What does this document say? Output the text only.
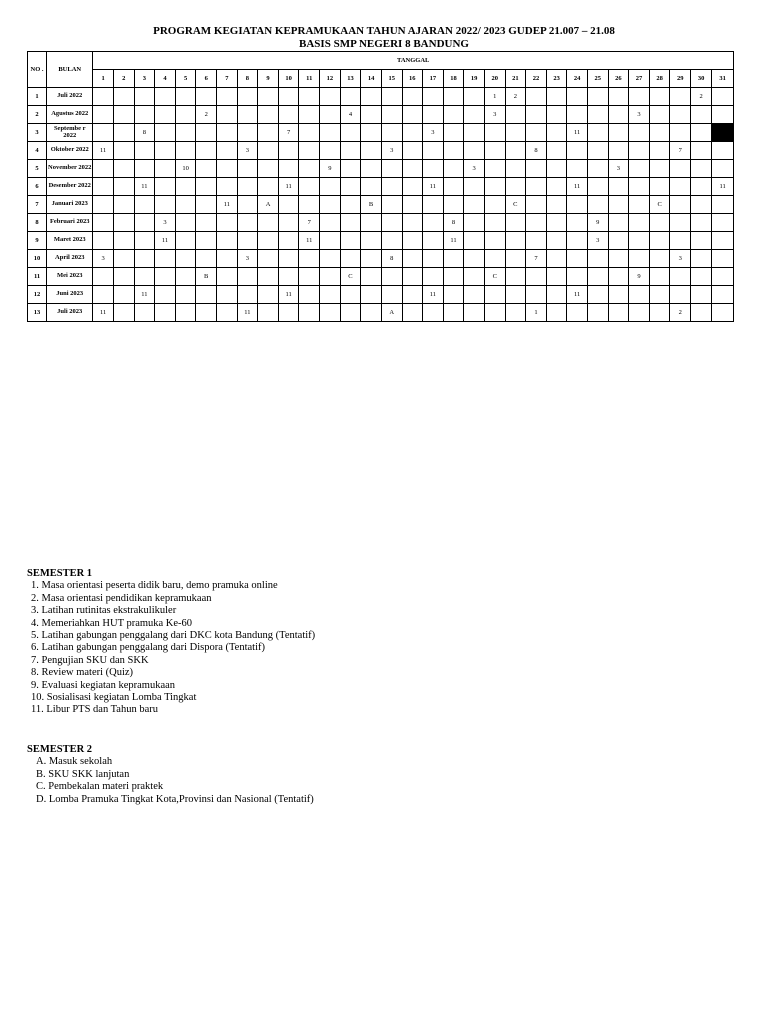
PROGRAM KEGIATAN KEPRAMUKAAN TAHUN AJARAN 2022/ 2023 GUDEP 21.007 – 21.08
BASIS SMP NEGERI 8 BANDUNG
NO .	BULAN	TANGGAL																														
		1	2	3	4	5	6	7	8	9	10	11	12	13	14	15	16	17	18	19	20	21	22	23	24	25	26	27	28	29	30	31
1	Juli 2022																				1	2									2	
2	Agustus 2022						2							4							3							3				
3	Septembe r 2022			8							7							3							11							
4	Oktober 2022	11							3							3							8							7		
5	November 2022					10							9							3							3					
6	Desember 2022			11							11							11							11							11
7	Januari 2023							11		A					B							C							C			
8	Februari 2023				3							7							8							9						
9	Maret 2023				11							11							11							3						
10	April 2023	3							3							8							7							3		
11	Mei 2023						B							C							C							9				
12	Juni 2023			11							11							11							11							
13	Juli 2023	11							11							A							1							2		
SEMESTER 1
1. Masa orientasi peserta didik baru, demo pramuka online
2. Masa orientasi pendidikan kepramukaan
3. Latihan rutinitas ekstrakulikuler
4. Memeriahkan HUT pramuka Ke-60
5. Latihan gabungan penggalang dari DKC kota Bandung (Tentatif)
6. Latihan gabungan penggalang dari Dispora (Tentatif)
7. Pengujian SKU dan SKK
8. Review materi (Quiz)
9. Evaluasi kegiatan kepramukaan
10. Sosialisasi kegiatan Lomba Tingkat
11. Libur PTS dan Tahun baru
SEMESTER 2
A. Masuk sekolah
B. SKU SKK lanjutan
C. Pembekalan materi praktek
D. Lomba Pramuka Tingkat Kota,Provinsi dan Nasional (Tentatif)
